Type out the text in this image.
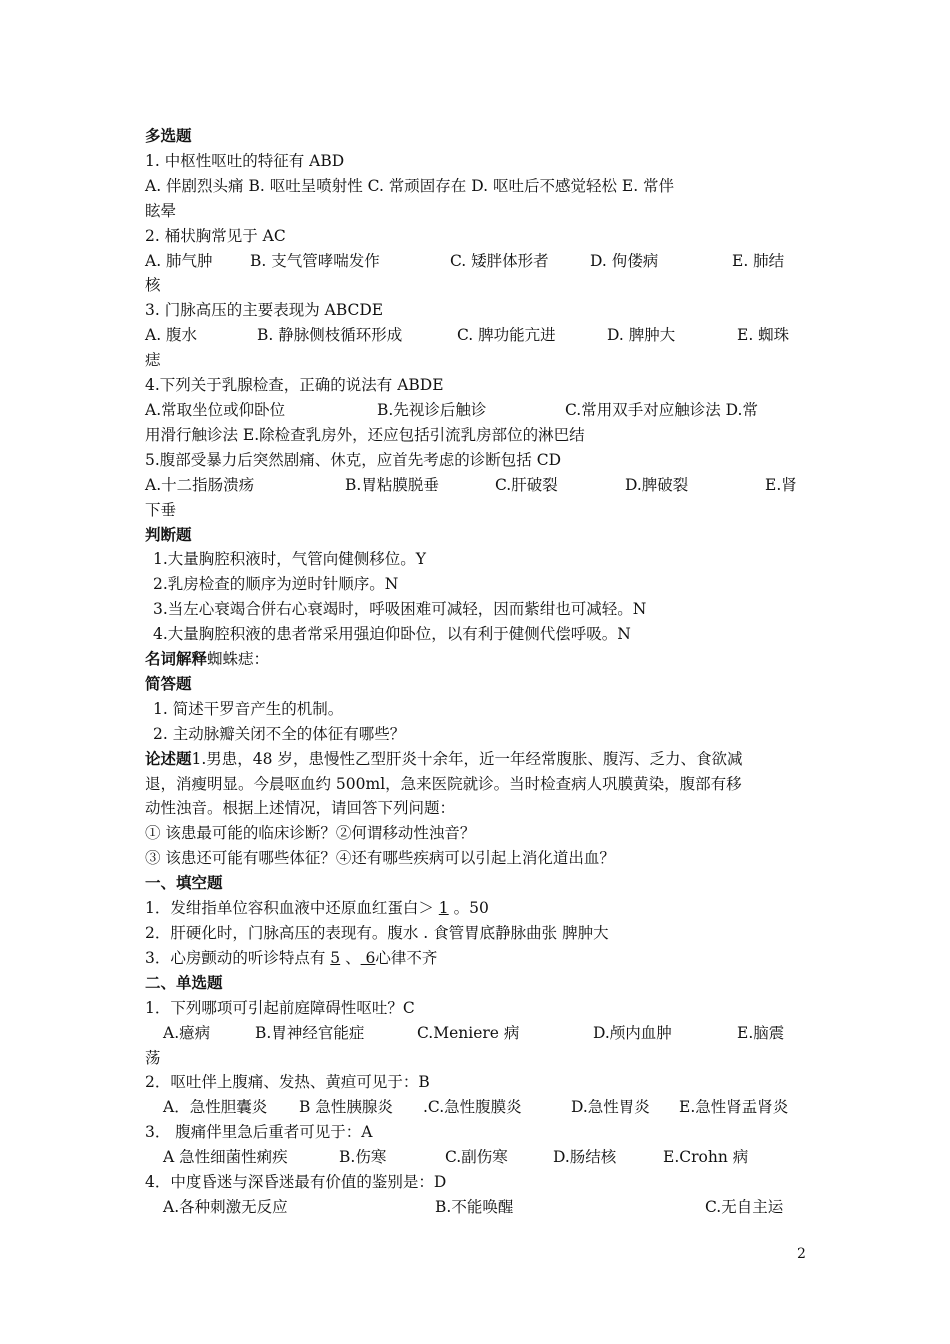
多选题
1. 中枢性呕吐的特征有 ABD
A. 伴剧烈头痛 B. 呕吐呈喷射性 C. 常顽固存在 D. 呕吐后不感觉轻松 E. 常伴
眩晕
2. 桶状胸常见于 AC
A. 肺气肿 B. 支气管哮喘发作	C. 矮胖体形者	D. 佝偻病	E. 肺结
核
3. 门脉高压的主要表现为 ABCDE
A. 腹水	B. 静脉侧枝循环形成	C. 脾功能亢进	D. 脾肿大	E. 蜘珠
痣
4.下列关于乳腺检查，正确的说法有 ABDE
A.常取坐位或仰卧位	B.先视诊后触诊	C.常用双手对应触诊法 D.常
用滑行触诊法 E.除检查乳房外，还应包括引流乳房部位的淋巴结
5.腹部受暴力后突然剧痛、休克，应首先考虑的诊断包括 CD
A.十二指肠溃疡	B.胃粘膜脱垂	C.肝破裂	D.脾破裂	E.肾
下垂
判断题
1.大量胸腔积液时，气管向健侧移位。Y
2.乳房检查的顺序为逆时针顺序。N
3.当左心衰竭合併右心衰竭时，呼吸困难可减轻，因而紫绀也可减轻。N
4.大量胸腔积液的患者常采用强迫仰卧位，以有利于健侧代偿呼吸。N
名词解释蜘蛛痣：
简答题
1. 简述干罗音产生的机制。
2. 主动脉瓣关闭不全的体征有哪些？
论述题1.男患，48 岁，患慢性乙型肝炎十余年，近一年经常腹胀、腹泻、乏力、食欲减
退，消瘦明显。今晨呕血约 500ml，急来医院就诊。当时检查病人巩膜黄染，腹部有移
动性浊音。根据上述情况，请回答下列问题：
① 该患最可能的临床诊断？②何谓移动性浊音？
③ 该患还可能有哪些体征？④还有哪些疾病可以引起上消化道出血？
一、填空题
1．发绀指单位容积血液中还原血红蛋白＞ 1 。50
2．肝硬化时，门脉高压的表现有。腹水 . 食管胃底静脉曲张 脾肿大
3．心房颤动的听诊特点有 5 、 6心律不齐
二、单选题
1．下列哪项可引起前庭障碍性呕吐？C
A.癔病	B.胃神经官能症	C.Meniere 病	D.颅内血肿	E.脑震
荡
2．呕吐伴上腹痛、发热、黄疸可见于：B
A．急性胆囊炎 B 急性胰腺炎 .C.急性腹膜炎	D.急性胃炎 E.急性肾盂肾炎
3． 腹痛伴里急后重者可见于：A
A 急性细菌性痢疾	B.伤寒	C.副伤寒	D.肠结核	E.Crohn 病
4．中度昏迷与深昏迷最有价值的鉴别是：D
A.各种刺激无反应	B.不能唤醒	C.无自主运
2
